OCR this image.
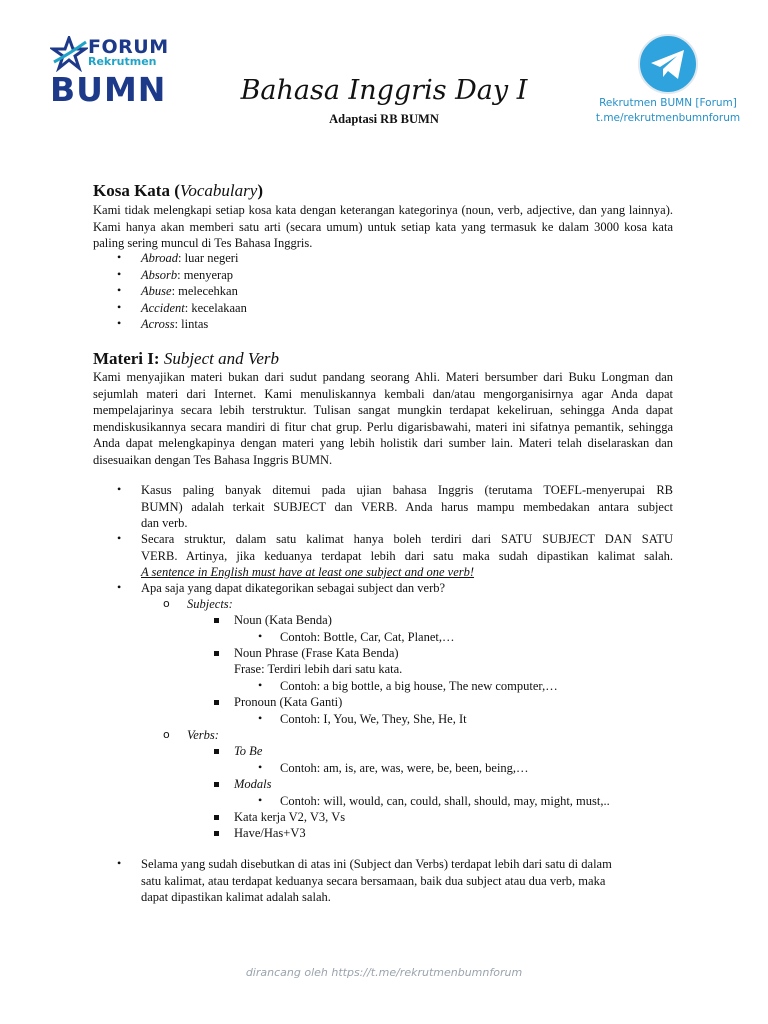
FORUM
Rekrutmen
BUMN	Bahasa Inggris Day I
Adaptasi RB BUMN
Rekrutmen BUMN [Forum]
t.me/rekrutmenbumnforum
Kosa Kata (Vocabulary)
Kami tidak melengkapi setiap kosa kata dengan keterangan kategorinya (noun, verb, adjective, dan yang lainnya). Kami hanya akan memberi satu arti (secara umum) untuk setiap kata yang termasuk ke dalam 3000 kosa kata paling sering muncul di Tes Bahasa Inggris.
• Abroad: luar negeri
• Absorb: menyerap
• Abuse: melecehkan
• Accident: kecelakaan
• Across: lintas
Materi I: Subject and Verb
Kami menyajikan materi bukan dari sudut pandang seorang Ahli. Materi bersumber dari Buku Longman dan sejumlah materi dari Internet. Kami menuliskannya kembali dan/atau mengorganisirnya agar Anda dapat mempelajarinya secara lebih terstruktur. Tulisan sangat mungkin terdapat kekeliruan, sehingga Anda dapat mendiskusikannya secara mandiri di fitur chat grup. Perlu digarisbawahi, materi ini sifatnya pemantik, sehingga Anda dapat melengkapinya dengan materi yang lebih holistik dari sumber lain. Materi telah diselaraskan dan disesuaikan dengan Tes Bahasa Inggris BUMN.
• Kasus paling banyak ditemui pada ujian bahasa Inggris (terutama TOEFL-menyerupai RB
BUMN) adalah terkait SUBJECT dan VERB. Anda harus mampu membedakan antara subject
dan verb.
• Secara struktur, dalam satu kalimat hanya boleh terdiri dari SATU SUBJECT DAN SATU
VERB. Artinya, jika keduanya terdapat lebih dari satu maka sudah dipastikan kalimat salah.
A sentence in English must have at least one subject and one verb!
• Apa saja yang dapat dikategorikan sebagai subject dan verb?
o Subjects:
Noun (Kata Benda)
• Contoh: Bottle, Car, Cat, Planet,…
Noun Phrase (Frase Kata Benda)
Frase: Terdiri lebih dari satu kata.
• Contoh: a big bottle, a big house, The new computer,…
Pronoun (Kata Ganti)
• Contoh: I, You, We, They, She, He, It
o Verbs:
To Be
• Contoh: am, is, are, was, were, be, been, being,…
Modals
• Contoh: will, would, can, could, shall, should, may, might, must,..
Kata kerja V2, V3, Vs
Have/Has+V3
• Selama yang sudah disebutkan di atas ini (Subject dan Verbs) terdapat lebih dari satu di dalam
satu kalimat, atau terdapat keduanya secara bersamaan, baik dua subject atau dua verb, maka
dapat dipastikan kalimat adalah salah.
dirancang oleh https://t.me/rekrutmenbumnforum
